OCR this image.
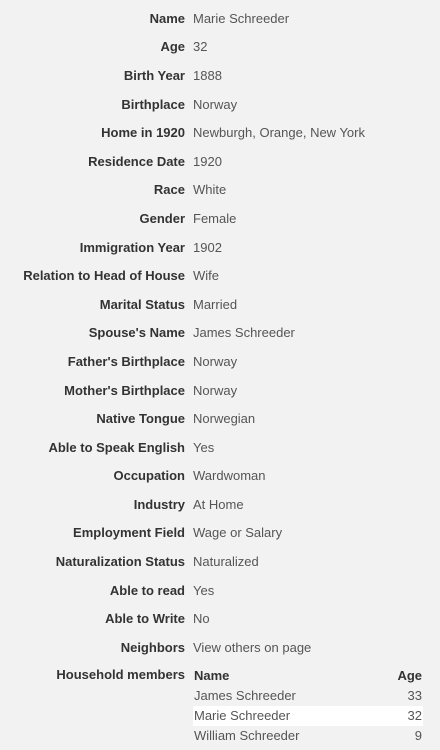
Name Marie Schreeder
Age 32
Birth Year 1888
Birthplace Norway
Home in 1920 Newburgh, Orange, New York
Residence Date 1920
Race White
Gender Female
Immigration Year 1902
Relation to Head of House Wife
Marital Status Married
Spouse's Name James Schreeder
Father's Birthplace Norway
Mother's Birthplace Norway
Native Tongue Norwegian
Able to Speak English Yes
Occupation Wardwoman
Industry At Home
Employment Field Wage or Salary
Naturalization Status Naturalized
Able to read Yes
Able to Write No
Neighbors View others on page
Household members Name	Age
James Schreeder	33
Marie Schreeder	32
William Schreeder	9
